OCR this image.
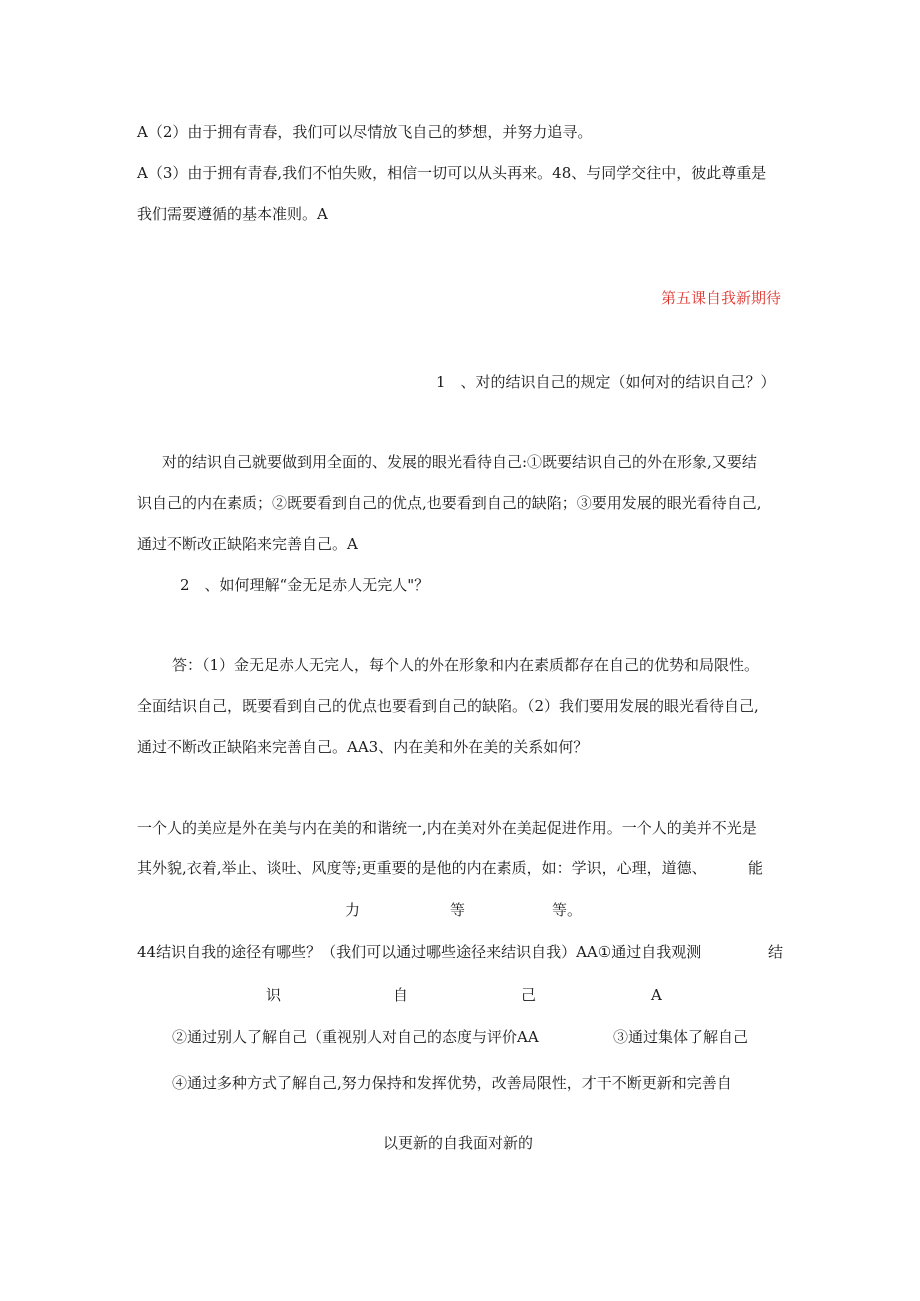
A（2）由于拥有青春，我们可以尽情放飞自己的梦想，并努力追寻。
A（3）由于拥有青春,我们不怕失败，相信一切可以从头再来。48、与同学交往中，彼此尊重是
我们需要遵循的基本准则。A
第五课自我新期待
1　、对的结识自己的规定（如何对的结识自己？）
对的结识自己就要做到用全面的、发展的眼光看待自己:①既要结识自己的外在形象,又要结
识自己的内在素质；②既要看到自己的优点,也要看到自己的缺陷；③要用发展的眼光看待自己,
通过不断改正缺陷来完善自己。A
2　、如何理解“金无足赤人无完人"？
答：（1）金无足赤人无完人，每个人的外在形象和内在素质都存在自己的优势和局限性。
全面结识自己，既要看到自己的优点也要看到自己的缺陷。（2）我们要用发展的眼光看待自己,
通过不断改正缺陷来完善自己。AA3、内在美和外在美的关系如何？
一个人的美应是外在美与内在美的和谐统一,内在美对外在美起促进作用。一个人的美并不光是
其外貌,衣着,举止、谈吐、风度等;更重要的是他的内在素质，如：学识，心理，道德、	能
力	等	等。
44结识自我的途径有哪些？（我们可以通过哪些途径来结识自我）AA①通过自我观测	结
识	自	己	A
②通过别人了解自己（重视别人对自己的态度与评价AA	③通过集体了解自己
④通过多种方式了解自己,努力保持和发挥优势，改善局限性，才干不断更新和完善自
以更新的自我面对新的
